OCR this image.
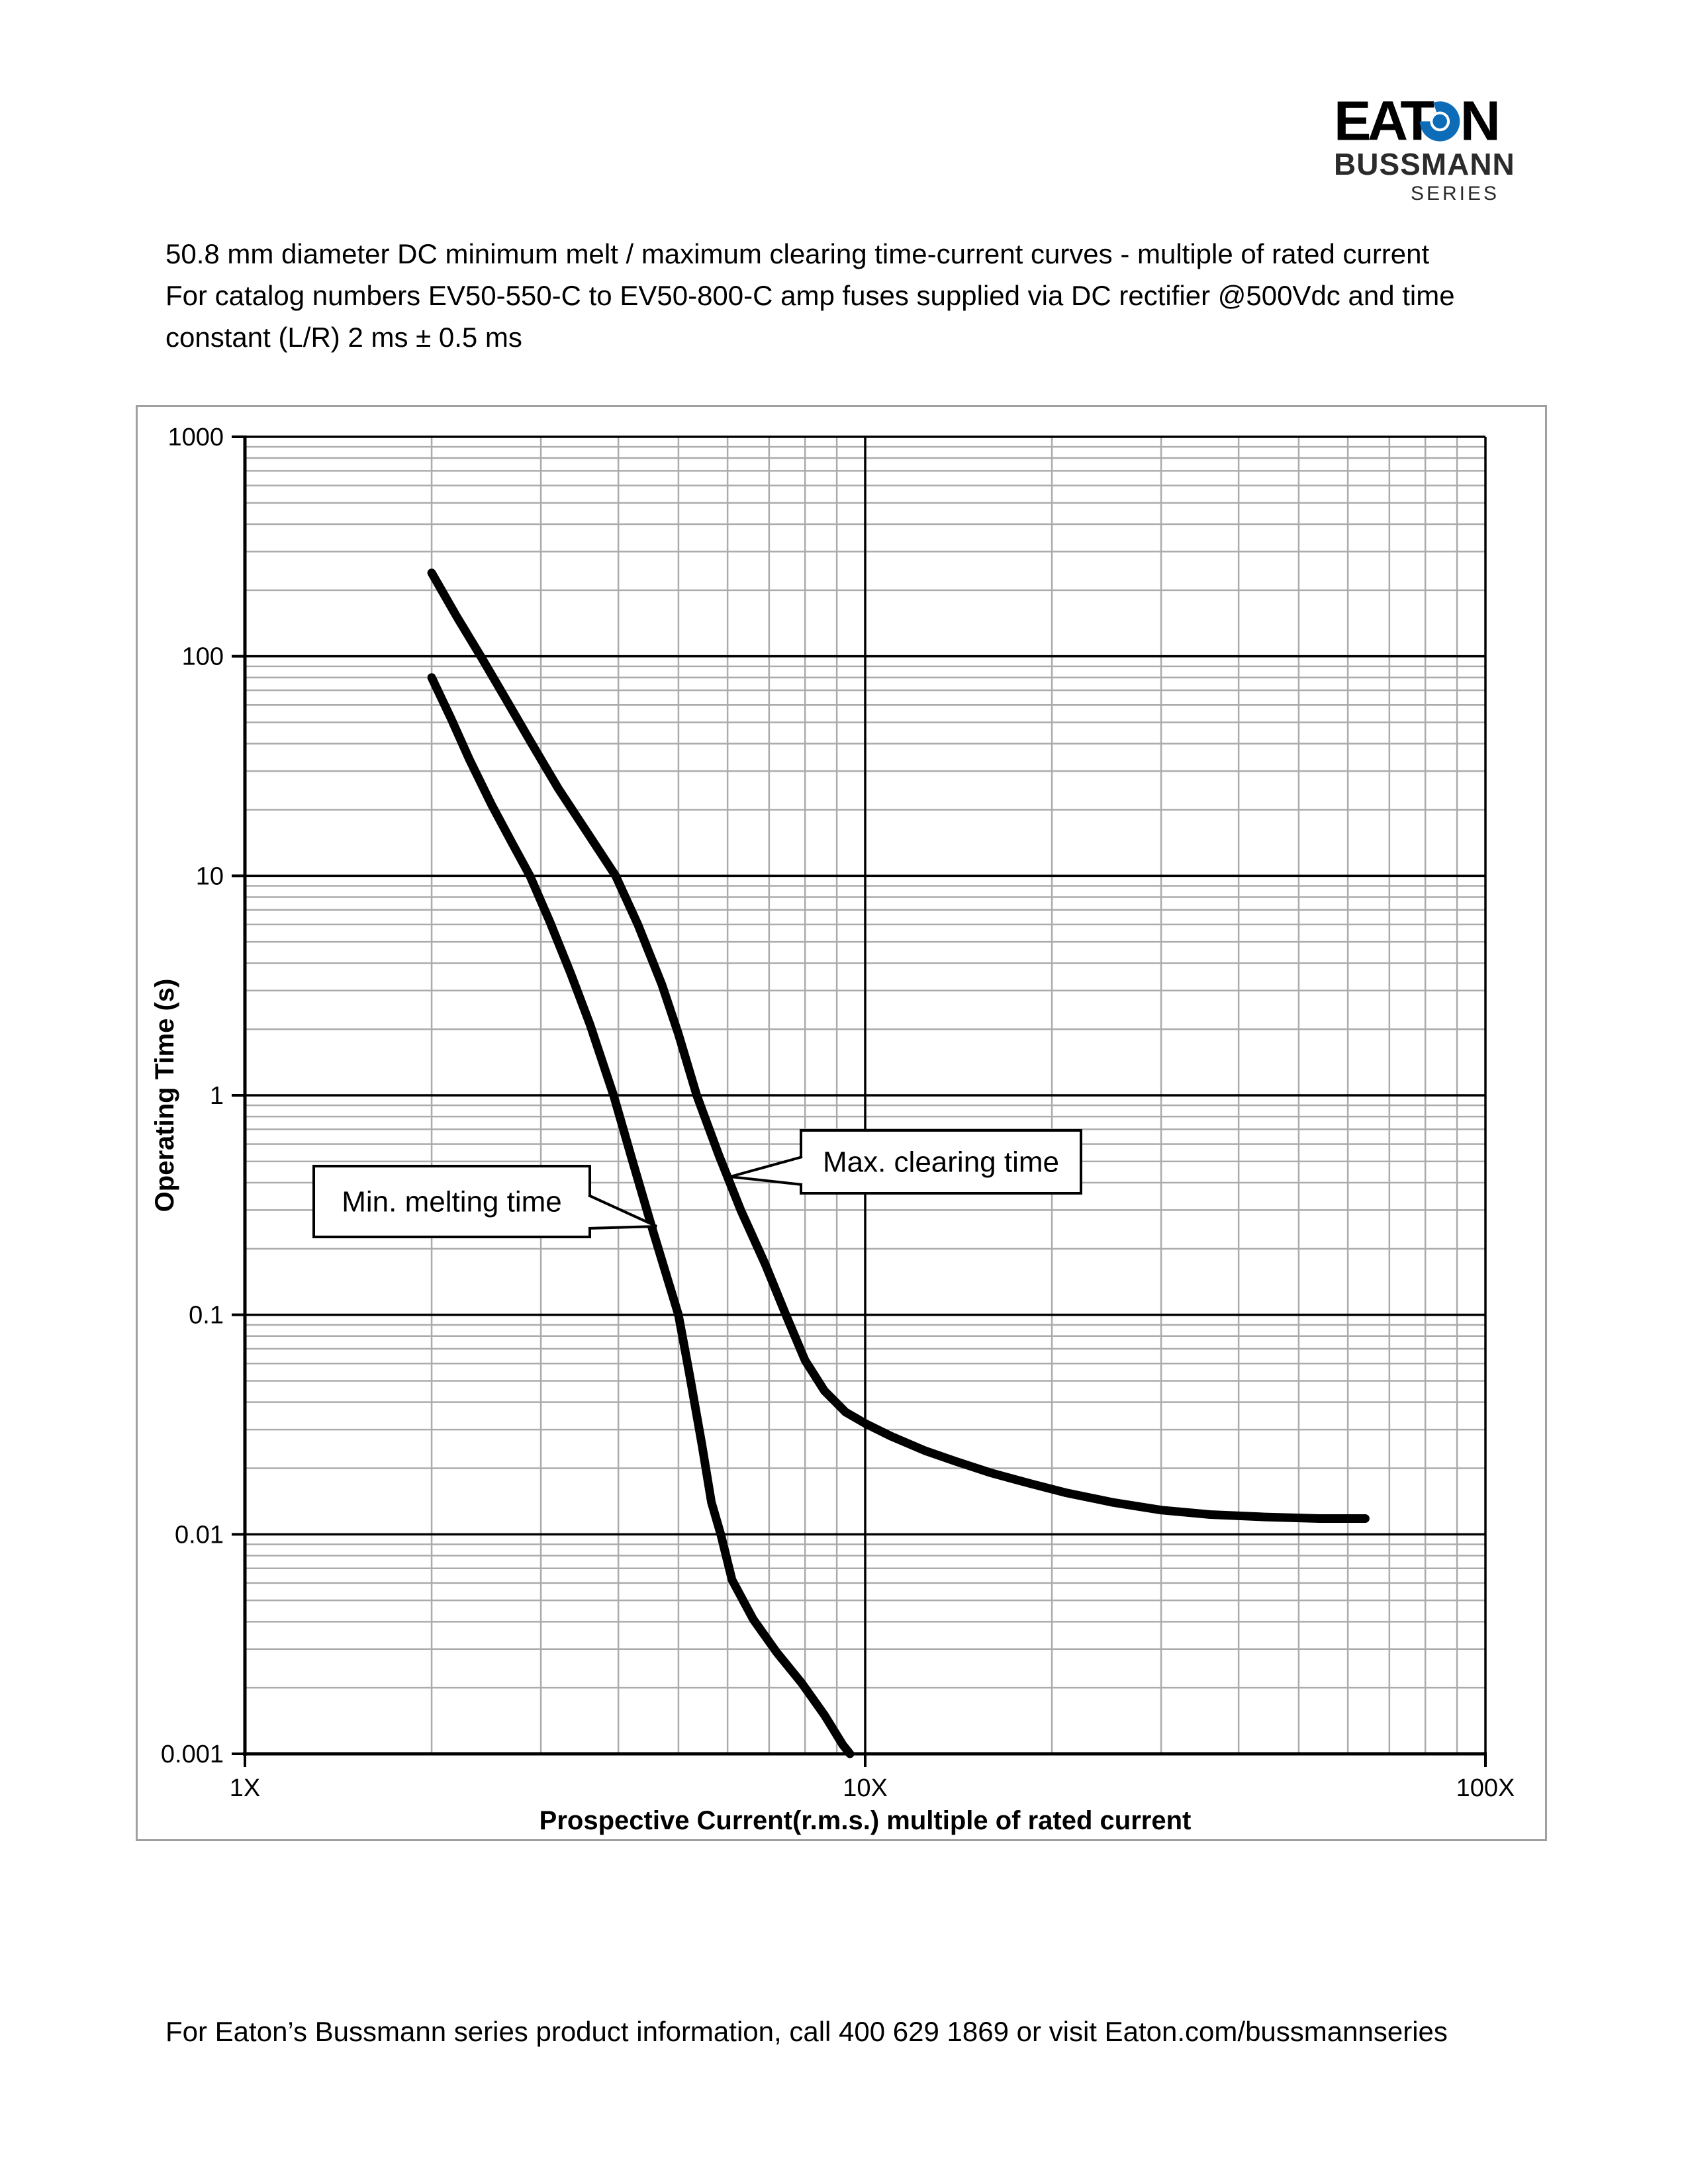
EAT N
BUSSMANN
SERIES
50.8 mm diameter DC minimum melt / maximum clearing time-current curves - multiple of rated current
For catalog numbers EV50-550-C to EV50-800-C amp fuses supplied via DC rectifier @500Vdc and time
constant (L/R) 2 ms ± 0.5 ms
1000
100
10
1
0.1
0.01
0.001
1X	10X	100X
Prospective Current(r.m.s.) multiple of rated current
Operating Time (s)	Min. melting time
Max. clearing time
For Eaton’s Bussmann series product information, call 400 629 1869 or visit Eaton.com/bussmannseries
